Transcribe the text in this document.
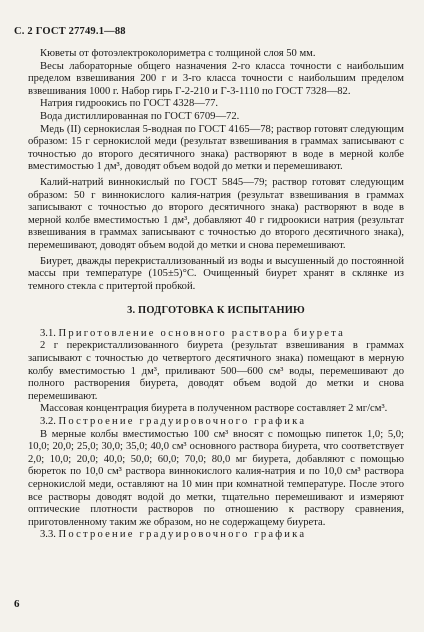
С. 2 ГОСТ 27749.1—88

Кюветы от фотоэлектроколориметра с толщиной слоя 50 мм.

Весы лабораторные общего назначения 2-го класса точности с наибольшим пределом взвешивания 200 г и 3-го класса точности с наибольшим пределом взвешивания 1000 г. Набор гирь Г-2-210 и Г-3-1110 по ГОСТ 7328—82.

Натрия гидроокись по ГОСТ 4328—77.

Вода дистиллированная по ГОСТ 6709—72.

Медь (II) сернокислая 5-водная по ГОСТ 4165—78; раствор готовят следующим образом: 15 г сернокислой меди (результат взвешивания в граммах записывают с точностью до второго десятичного знака) растворяют в воде в мерной колбе вместимостью 1 дм³, доводят объем водой до метки и перемешивают.

Калий-натрий виннокислый по ГОСТ 5845—79; раствор готовят следующим образом: 50 г виннокислого калия-натрия (результат взвешивания в граммах записывают с точностью до второго десятичного знака) растворяют в воде в мерной колбе вместимостью 1 дм³, добавляют 40 г гидроокиси натрия (результат взвешивания в граммах записывают с точностью до второго десятичного знака), перемешивают, доводят объем водой до метки и снова перемешивают.

Биурет, дважды перекристаллизованный из воды и высушенный до постоянной массы при температуре (105±5)°С. Очищенный биурет хранят в склянке из темного стекла с притертой пробкой.

3. ПОДГОТОВКА К ИСПЫТАНИЮ

3.1. Приготовление основного раствора биурета

2 г перекристаллизованного биурета (результат взвешивания в граммах записывают с точностью до четвертого десятичного знака) помещают в мерную колбу вместимостью 1 дм³, приливают 500—600 см³ воды, перемешивают до полного растворения биурета, доводят объем водой до метки и снова перемешивают.

Массовая концентрация биурета в полученном растворе составляет 2 мг/см³.

3.2. Построение градуировочного графика

В мерные колбы вместимостью 100 см³ вносят с помощью пипеток 1,0; 5,0; 10,0; 20,0; 25,0; 30,0; 35,0; 40,0 см³ основного раствора биурета, что соответствует 2,0; 10,0; 20,0; 40,0; 50,0; 60,0; 70,0; 80,0 мг биурета, добавляют с помощью бюреток по 10,0 см³ раствора виннокислого калия-натрия и по 10,0 см³ раствора сернокислой меди, оставляют на 10 мин при комнатной температуре. После этого все растворы доводят водой до метки, тщательно перемешивают и измеряют оптические плотности растворов по отношению к раствору сравнения, приготовленному таким же образом, но не содержащему биурета.

3.3. Построение градуировочного графика

6
